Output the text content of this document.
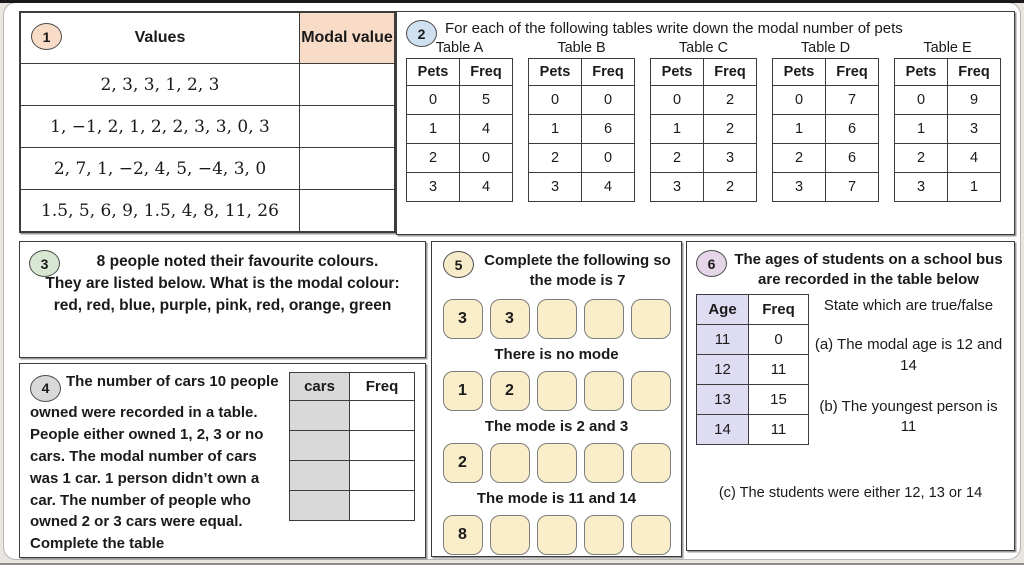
1 Values	Modal value
2, 3, 3, 1, 2, 3	
1, −1, 2, 1, 2, 2, 3, 3, 0, 3	
2, 7, 1, −2, 4, 5, −4, 3, 0	
1.5, 5, 6, 9, 1.5, 4, 8, 11, 26	
2	For each of the following tables write down the modal number of pets
Table A
Pets	Freq
0	5
1	4
2	0
3	4
Table B
Pets	Freq
0	0
1	6
2	0
3	4
Table C
Pets	Freq
0	2
1	2
2	3
3	2
Table D
Pets	Freq
0	7
1	6
2	6
3	7
Table E
Pets	Freq
0	9
1	3
2	4
3	1
3	8 people noted their favourite colours.
They are listed below. What is the modal colour:
red, red, blue, purple, pink, red, orange, green
cars	Freq

4 The number of cars 10 people owned were recorded in a table. People either owned 1, 2, 3 or no cars. The modal number of cars was 1 car. 1 person didn’t own a car. The number of people who owned 2 or 3 cars were equal. Complete the table
5	Complete the following so the mode is 7
3	3
There is no mode
1	2
The mode is 2 and 3
2
The mode is 11 and 14
8
6	The ages of students on a school bus are recorded in the table below
Age	Freq
11	0
12	11
13	15
14	11
State which are true/false
(a) The modal age is 12 and 14
(b) The youngest person is 11
(c) The students were either 12, 13 or 14
